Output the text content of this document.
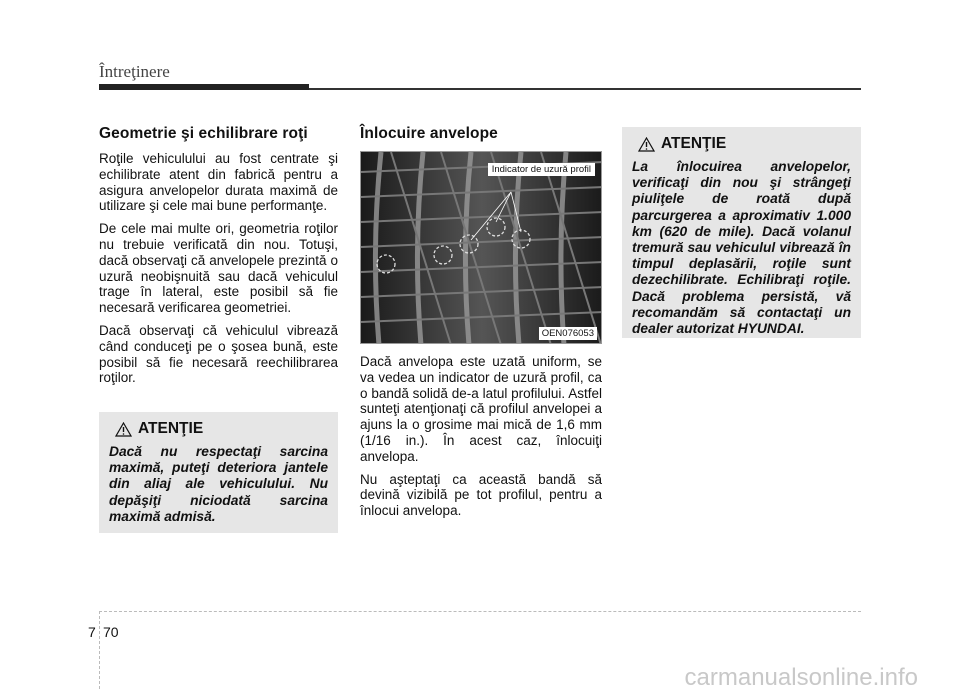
Întreţinere
Geometrie şi echilibrare roţi

Roţile vehiculului au fost centrate şi echilibrate atent din fabrică pentru a asigura anvelopelor durata maximă de utilizare şi cele mai bune performanţe.

De cele mai multe ori, geometria roţilor nu trebuie verificată din nou. Totuşi, dacă observaţi că anvelopele prezintă o uzură neobişnuită sau dacă vehiculul trage în lateral, este posibil să fie necesară verificarea geometriei.

Dacă observaţi că vehiculul vibrează când conduceţi pe o şosea bună, este posibil să fie necesară reechilibrarea roţilor.

ATENŢIE

Dacă nu respectaţi sarcina maximă, puteţi deteriora jantele din aliaj ale vehiculului. Nu depăşiţi niciodată sarcina maximă admisă.

Înlocuire anvelope
Indicator de uzură profil
OEN076053

Dacă anvelopa este uzată uniform, se va vedea un indicator de uzură profil, ca o bandă solidă de-a latul profilului. Astfel sunteţi atenţionaţi că profilul anvelopei a ajuns la o grosime mai mică de 1,6 mm (1/16 in.). În acest caz, înlocuiţi anvelopa.

Nu aşteptaţi ca această bandă să devină vizibilă pe tot profilul, pentru a înlocui anvelopa.

ATENŢIE

La înlocuirea anvelopelor, verificaţi din nou şi strângeţi piuliţele de roată după parcurgerea a aproximativ 1.000 km (620 de mile). Dacă volanul tremură sau vehiculul vibrează în timpul deplasării, roţile sunt dezechilibrate. Echilibraţi roţile. Dacă problema persistă, vă recomandăm să contactaţi un dealer autorizat HYUNDAI.

7 70
carmanualsonline.info
